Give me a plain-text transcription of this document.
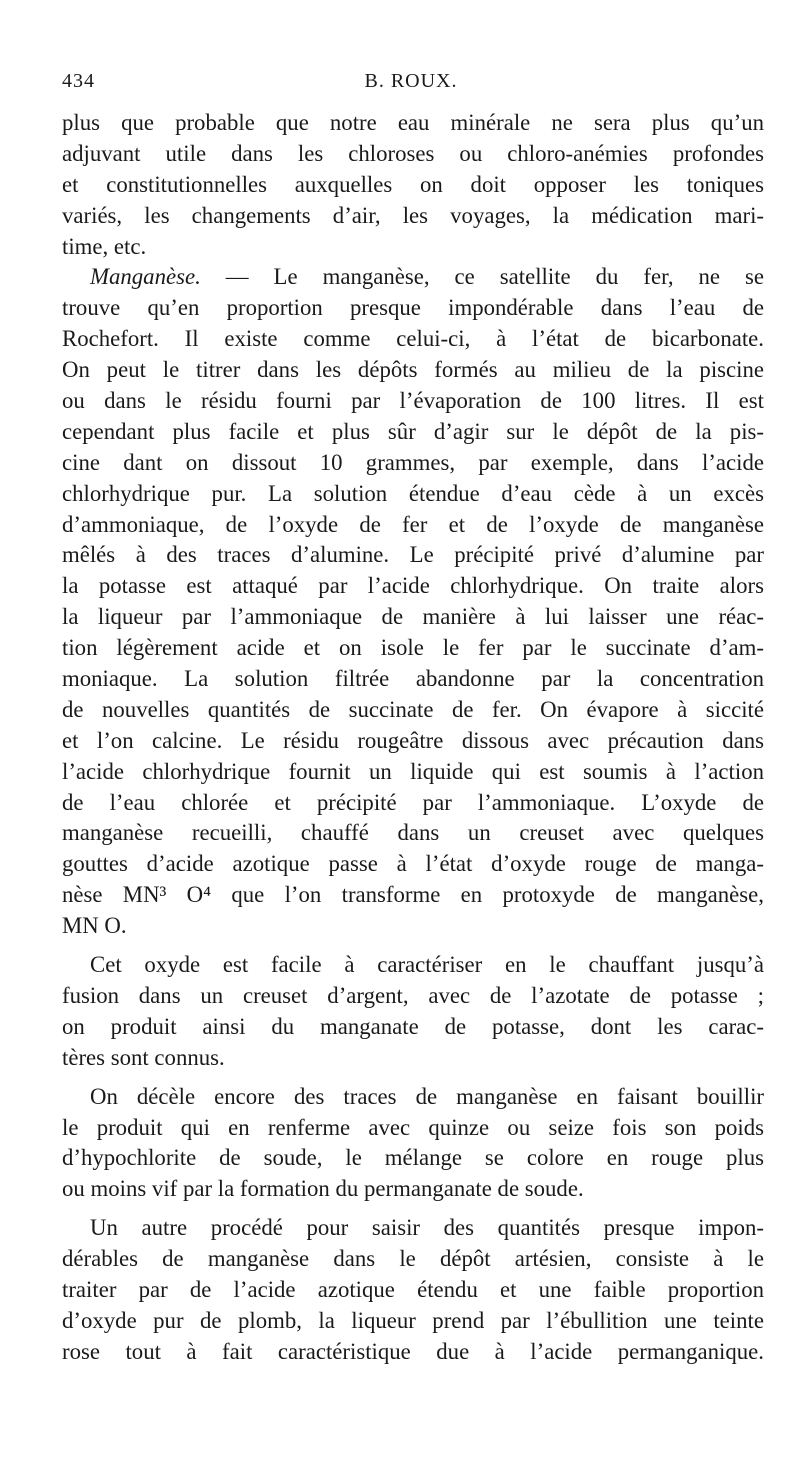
434	B. ROUX.
plus que probable que notre eau minérale ne sera plus qu’un
adjuvant utile dans les chloroses ou chloro-anémies profondes
et constitutionnelles auxquelles on doit opposer les toniques
variés, les changements d’air, les voyages, la médication mari-
time, etc.
Manganèse. — Le manganèse, ce satellite du fer, ne se
trouve qu’en proportion presque impondérable dans l’eau de
Rochefort. Il existe comme celui-ci, à l’état de bicarbonate.
On peut le titrer dans les dépôts formés au milieu de la piscine
ou dans le résidu fourni par l’évaporation de 100 litres. Il est
cependant plus facile et plus sûr d’agir sur le dépôt de la pis-
cine dant on dissout 10 grammes, par exemple, dans l’acide
chlorhydrique pur. La solution étendue d’eau cède à un excès
d’ammoniaque, de l’oxyde de fer et de l’oxyde de manganèse
mêlés à des traces d’alumine. Le précipité privé d’alumine par
la potasse est attaqué par l’acide chlorhydrique. On traite alors
la liqueur par l’ammoniaque de manière à lui laisser une réac-
tion légèrement acide et on isole le fer par le succinate d’am-
moniaque. La solution filtrée abandonne par la concentration
de nouvelles quantités de succinate de fer. On évapore à siccité
et l’on calcine. Le résidu rougeâtre dissous avec précaution dans
l’acide chlorhydrique fournit un liquide qui est soumis à l’action
de l’eau chlorée et précipité par l’ammoniaque. L’oxyde de
manganèse recueilli, chauffé dans un creuset avec quelques
gouttes d’acide azotique passe à l’état d’oxyde rouge de manga-
nèse MN³ O⁴ que l’on transforme en protoxyde de manganèse,
MN O.
Cet oxyde est facile à caractériser en le chauffant jusqu’à
fusion dans un creuset d’argent, avec de l’azotate de potasse ;
on produit ainsi du manganate de potasse, dont les carac-
tères sont connus.
On décèle encore des traces de manganèse en faisant bouillir
le produit qui en renferme avec quinze ou seize fois son poids
d’hypochlorite de soude, le mélange se colore en rouge plus
ou moins vif par la formation du permanganate de soude.
Un autre procédé pour saisir des quantités presque impon-
dérables de manganèse dans le dépôt artésien, consiste à le
traiter par de l’acide azotique étendu et une faible proportion
d’oxyde pur de plomb, la liqueur prend par l’ébullition une teinte
rose tout à fait caractéristique due à l’acide permanganique.
